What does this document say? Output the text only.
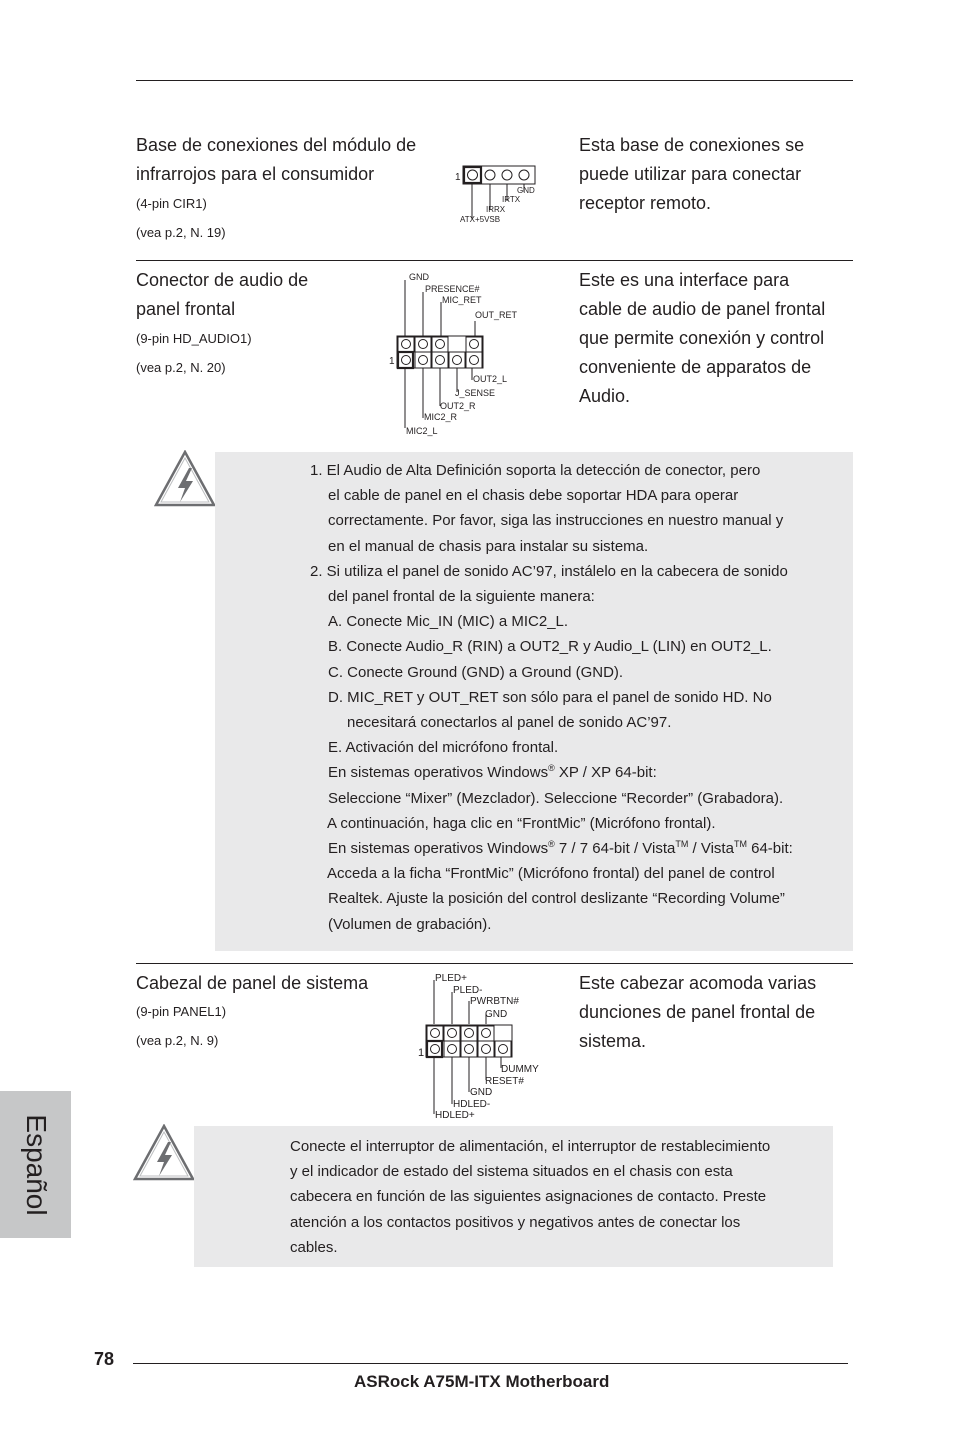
Español
Base de conexiones del módulo de
infrarrojos para el consumidor
(4-pin CIR1)
(vea p.2, N. 19)
Esta base de conexiones se
puede utilizar para conectar
receptor remoto.
1
GND
IRTX
IRRX
ATX+5VSB
Conector de audio de
panel frontal
(9-pin HD_AUDIO1)
(vea p.2, N. 20)
Este es una interface para
cable de audio de panel frontal
que permite conexión y control
conveniente de apparatos de
Audio.
GND
PRESENCE#
MIC_RET
OUT_RET
1
OUT2_L
J_SENSE
OUT2_R
MIC2_R
MIC2_L
1. El Audio de Alta Definición soporta la detección de conector, pero
el cable de panel en el chasis debe soportar HDA para operar
correctamente. Por favor, siga las instrucciones en nuestro manual y
en el manual de chasis para instalar su sistema.
2. Si utiliza el panel de sonido AC’97, instálelo en la cabecera de sonido
del panel frontal de la siguiente manera:
A. Conecte Mic_IN (MIC) a MIC2_L.
B. Conecte Audio_R (RIN) a OUT2_R y Audio_L (LIN) en OUT2_L.
C. Conecte Ground (GND) a Ground (GND).
D. MIC_RET y OUT_RET son sólo para el panel de sonido HD. No
necesitará conectarlos al panel de sonido AC’97.
E. Activación del micrófono frontal.
En sistemas operativos Windows® XP / XP 64-bit:
Seleccione “Mixer” (Mezclador). Seleccione “Recorder” (Grabadora).
A continuación, haga clic en “FrontMic” (Micrófono frontal).
En sistemas operativos Windows® 7 / 7 64-bit / Vista™ / Vista™ 64-bit:
Acceda a la ficha “FrontMic” (Micrófono frontal) del panel de control
Realtek. Ajuste la posición del control deslizante “Recording Volume”
(Volumen de grabación).
Cabezal de panel de sistema
(9-pin PANEL1)
(vea p.2, N. 9)
Este cabezar acomoda varias
dunciones de panel frontal de
sistema.
PLED+
PLED-
PWRBTN#
GND
1
DUMMY
RESET#
GND
HDLED-
HDLED+
Conecte el interruptor de alimentación, el interruptor de restablecimiento
y el indicador de estado del sistema situados en el chasis con esta
cabecera en función de las siguientes asignaciones de contacto. Preste
atención a los contactos positivos y negativos antes de conectar los
cables.
78
ASRock A75M-ITX Motherboard
